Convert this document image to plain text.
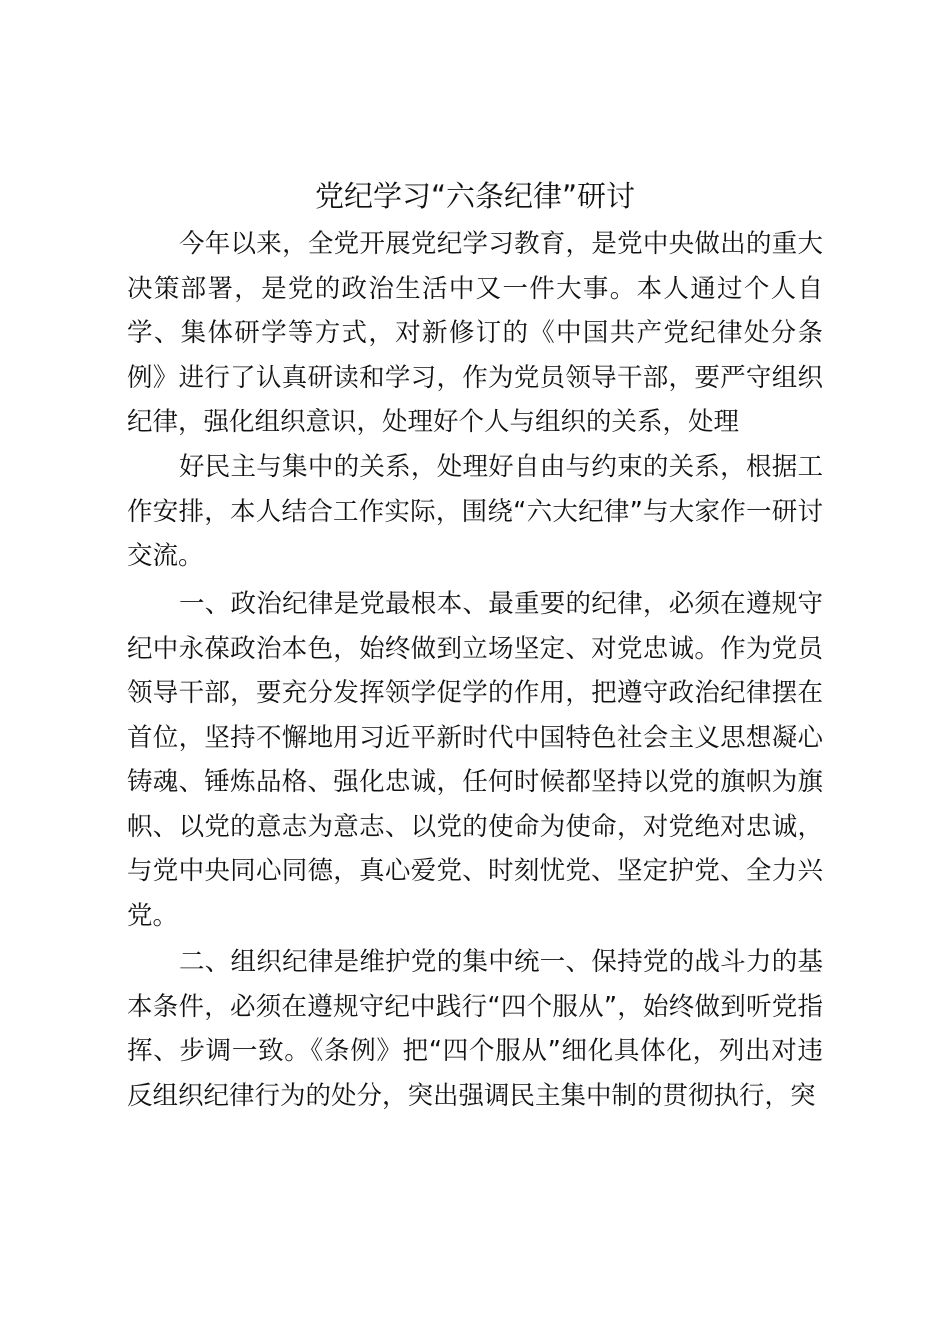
党纪学习“六条纪律”研讨

今年以来，全党开展党纪学习教育，是党中央做出的重大决策部署，是党的政治生活中又一件大事。本人通过个人自学、集体研学等方式，对新修订的《中国共产党纪律处分条例》进行了认真研读和学习，作为党员领导干部，要严守组织纪律，强化组织意识，处理好个人与组织的关系，处理

好民主与集中的关系，处理好自由与约束的关系，根据工作安排，本人结合工作实际，围绕“六大纪律”与大家作一研讨交流。

一、政治纪律是党最根本、最重要的纪律，必须在遵规守纪中永葆政治本色，始终做到立场坚定、对党忠诚。作为党员领导干部，要充分发挥领学促学的作用，把遵守政治纪律摆在首位，坚持不懈地用习近平新时代中国特色社会主义思想凝心铸魂、锤炼品格、强化忠诚，任何时候都坚持以党的旗帜为旗帜、以党的意志为意志、以党的使命为使命，对党绝对忠诚，与党中央同心同德，真心爱党、时刻忧党、坚定护党、全力兴党。

二、组织纪律是维护党的集中统一、保持党的战斗力的基本条件，必须在遵规守纪中践行“四个服从”，始终做到听党指挥、步调一致。《条例》把“四个服从”细化具体化，列出对违反组织纪律行为的处分，突出强调民主集中制的贯彻执行，突
